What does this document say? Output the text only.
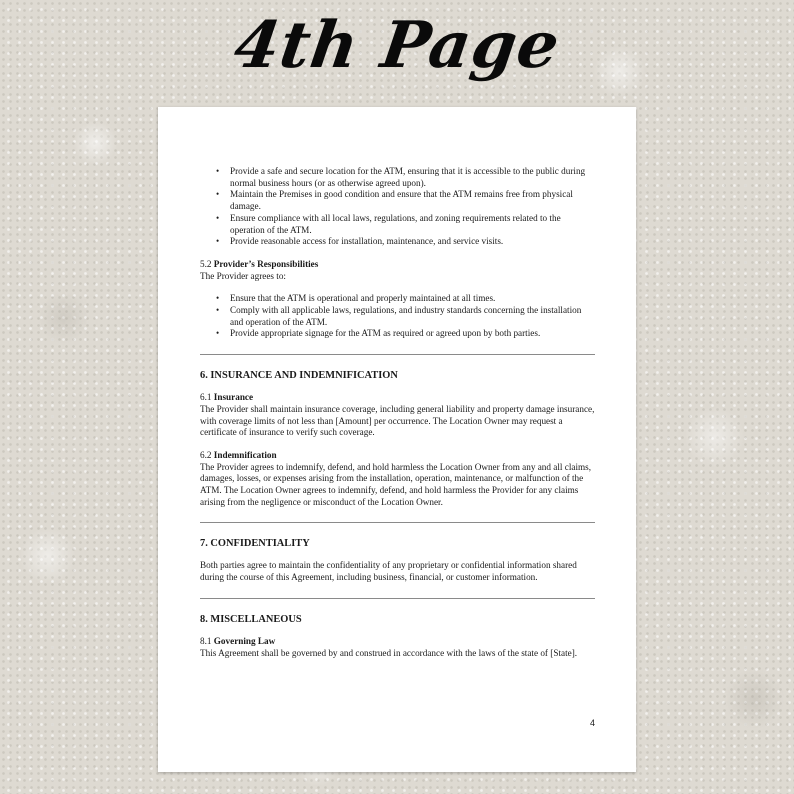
4th Page
• Provide a safe and secure location for the ATM, ensuring that it is accessible to the public during normal business hours (or as otherwise agreed upon).
• Maintain the Premises in good condition and ensure that the ATM remains free from physical damage.
• Ensure compliance with all local laws, regulations, and zoning requirements related to the operation of the ATM.
• Provide reasonable access for installation, maintenance, and service visits.
5.2 Provider’s Responsibilities
The Provider agrees to:
• Ensure that the ATM is operational and properly maintained at all times.
• Comply with all applicable laws, regulations, and industry standards concerning the installation and operation of the ATM.
• Provide appropriate signage for the ATM as required or agreed upon by both parties.
6. INSURANCE AND INDEMNIFICATION
6.1 Insurance
The Provider shall maintain insurance coverage, including general liability and property damage insurance, with coverage limits of not less than [Amount] per occurrence. The Location Owner may request a certificate of insurance to verify such coverage.
6.2 Indemnification
The Provider agrees to indemnify, defend, and hold harmless the Location Owner from any and all claims, damages, losses, or expenses arising from the installation, operation, maintenance, or malfunction of the ATM. The Location Owner agrees to indemnify, defend, and hold harmless the Provider for any claims arising from the negligence or misconduct of the Location Owner.
7. CONFIDENTIALITY
Both parties agree to maintain the confidentiality of any proprietary or confidential information shared during the course of this Agreement, including business, financial, or customer information.
8. MISCELLANEOUS
8.1 Governing Law
This Agreement shall be governed by and construed in accordance with the laws of the state of [State].
4
